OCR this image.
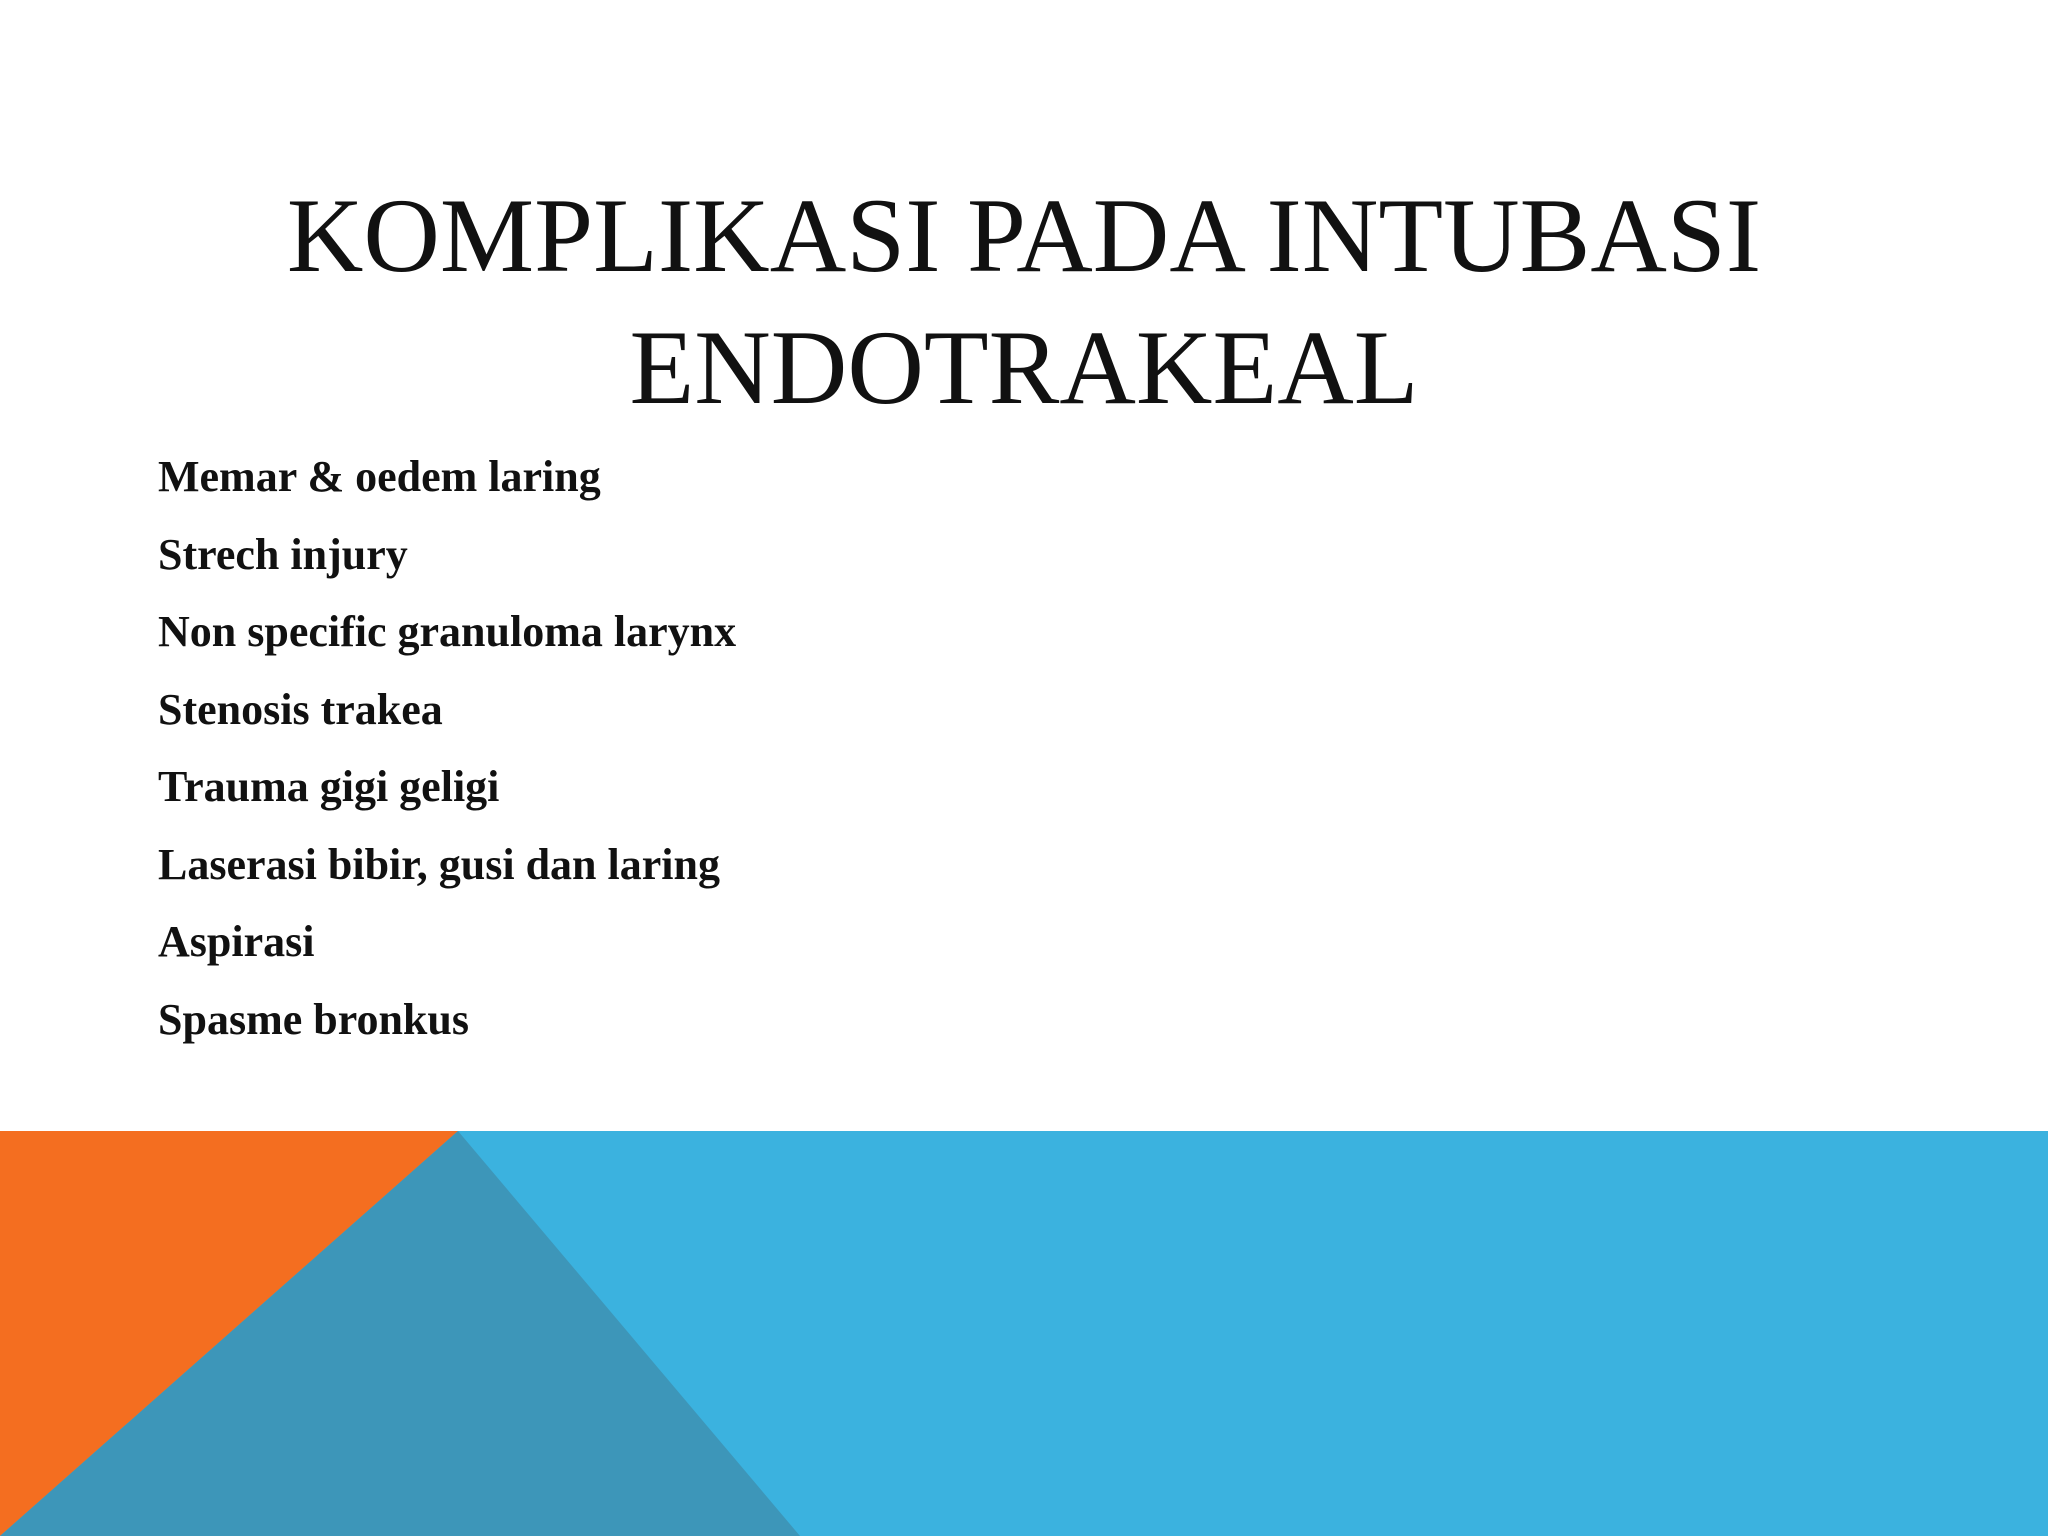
KOMPLIKASI PADA INTUBASI
ENDOTRAKEAL
Memar & oedem laring
Strech injury
Non specific granuloma larynx
Stenosis trakea
Trauma gigi geligi
Laserasi bibir, gusi dan laring
Aspirasi
Spasme bronkus
